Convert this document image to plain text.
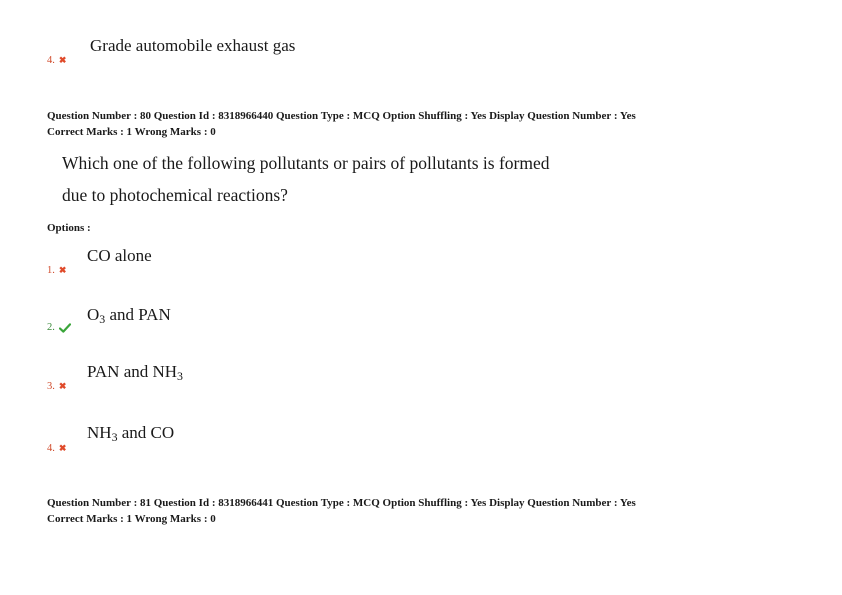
Grade automobile exhaust gas
4. ✖
Question Number : 80 Question Id : 8318966440 Question Type : MCQ Option Shuffling : Yes Display Question Number : Yes
Correct Marks : 1 Wrong Marks : 0
Which one of the following pollutants or pairs of pollutants is formed
due to photochemical reactions?
Options :
CO alone
1. ✖
$O_3$ and PAN
2.
PAN and $NH_3$
3. ✖
$NH_3$ and CO
4. ✖
Question Number : 81 Question Id : 8318966441 Question Type : MCQ Option Shuffling : Yes Display Question Number : Yes
Correct Marks : 1 Wrong Marks : 0
